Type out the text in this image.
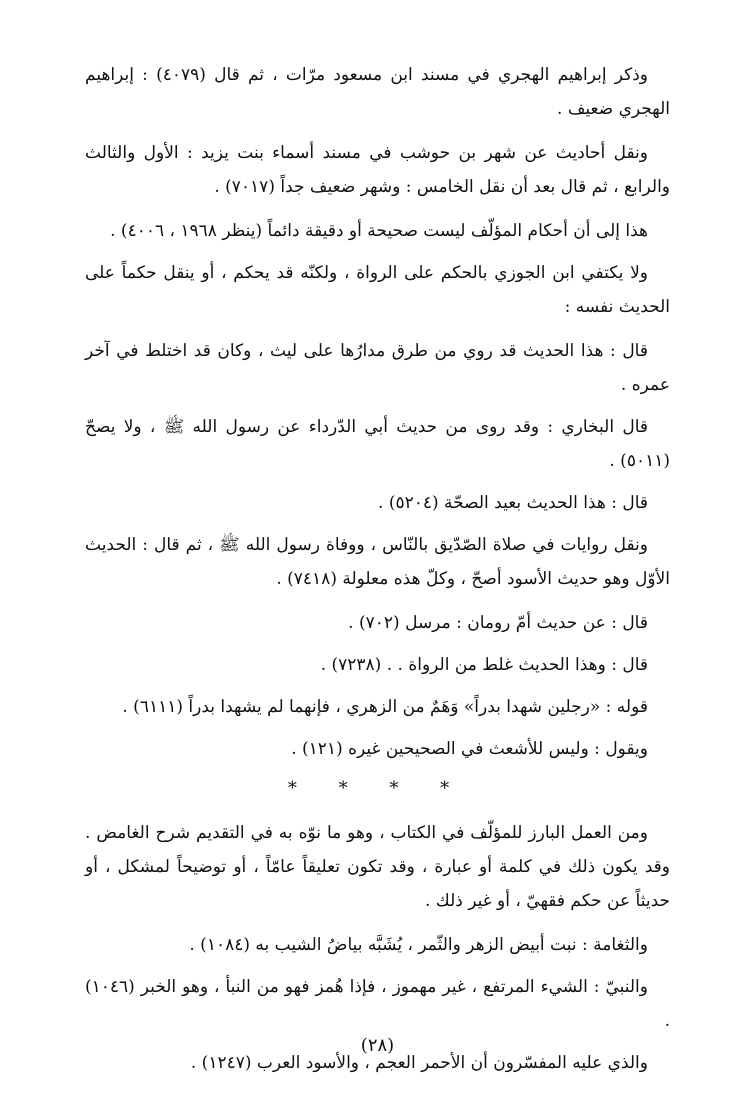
وذكر إبراهيم الهجري في مسند ابن مسعود مرّات ، ثم قال (٤٠٧٩) : إبراهيم الهجري ضعيف .

ونقل أحاديث عن شهر بن حوشب في مسند أسماء بنت يزيد : الأول والثالث والرابع ، ثم قال بعد أن نقل الخامس : وشهر ضعيف جداً (٧٠١٧) .

هذا إلى أن أحكام المؤلّف ليست صحيحة أو دقيقة دائماً (ينظر ١٩٦٨ ، ٤٠٠٦) .

ولا يكتفي ابن الجوزي بالحكم على الرواة ، ولكنّه قد يحكم ، أو ينقل حكماً على الحديث نفسه :

قال : هذا الحديث قد روي من طرق مدارُها على ليث ، وكان قد اختلط في آخر عمره .

قال البخاري : وقد روى من حديث أبي الدّرداء عن رسول الله ﷺ ، ولا يصحّ (٥٠١١) .

قال : هذا الحديث بعيد الصحّة (٥٢٠٤) .

ونقل روايات في صلاة الصّدّيق بالنّاس ، ووفاة رسول الله ﷺ ، ثم قال : الحديث الأوّل وهو حديث الأسود أصحّ ، وكلّ هذه معلولة (٧٤١٨) .

قال : عن حديث أمّ رومان : مرسل (٧٠٢) .

قال : وهذا الحديث غلط من الرواة . . (٧٢٣٨) .

قوله : «رجلين شهدا بدراً» وَهَمٌ من الزهري ، فإنهما لم يشهدا بدراً (٦١١١) .

ويقول : وليس للأشعث في الصحيحين غيره (١٢١) .

* * * *

ومن العمل البارز للمؤلّف في الكتاب ، وهو ما نوّه به في التقديم شرح الغامض . وقد يكون ذلك في كلمة أو عبارة ، وقد تكون تعليقاً عامّاً ، أو توضيحاً لمشكل ، أو حديثاً عن حكم فقهيّ ، أو غير ذلك .

والثغامة : نبت أبيض الزهر والثّمر ، يُشَبَّه بياضُ الشيب به (١٠٨٤) .

والنبيّ : الشيء المرتفع ، غير مهموز ، فإذا هُمز فهو من النبأ ، وهو الخبر (١٠٤٦) .

والذي عليه المفسّرون أن الأحمر العجم ، والأسود العرب (١٢٤٧) .

(٢٨)
